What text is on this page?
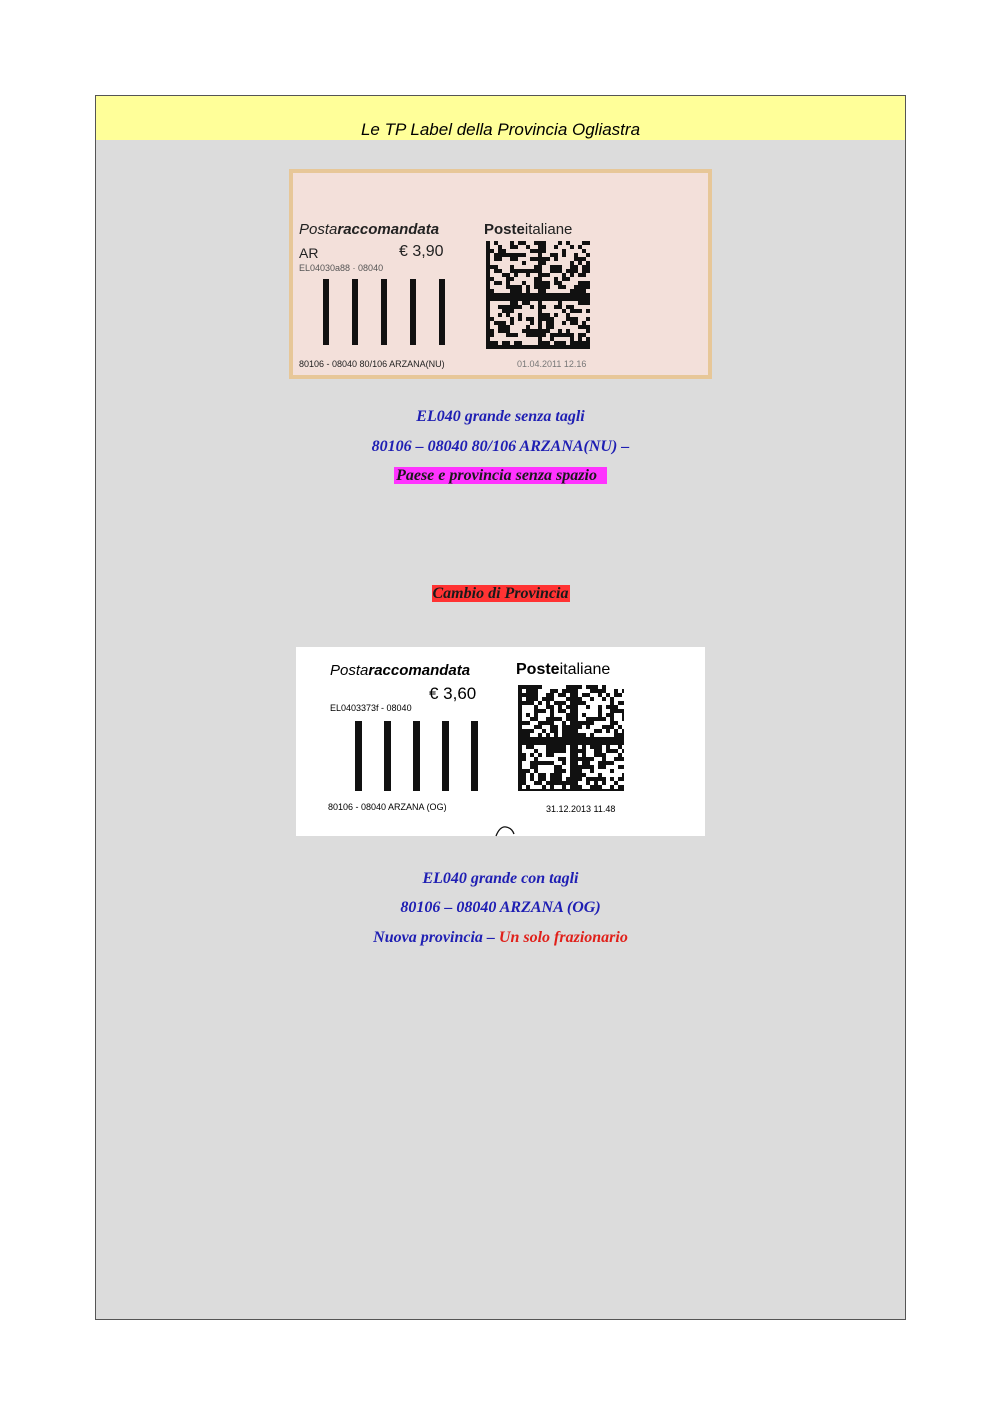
Le TP Label della Provincia Ogliastra
Postaraccomandata
AR	€ 3,90
EL04030a88 · 08040
Posteitaliane
80106 - 08040 80/106 ARZANA(NU)	01.04.2011 12.16
EL040 grande senza tagli
80106 – 08040 80/106 ARZANA(NU) –
Paese e provincia senza spazio
Cambio di Provincia
Postaraccomandata
€ 3,60
EL0403373f - 08040
Posteitaliane
80106 - 08040 ARZANA (OG)	31.12.2013 11.48
EL040 grande con tagli
80106 – 08040 ARZANA (OG)
Nuova provincia – Un solo frazionario
